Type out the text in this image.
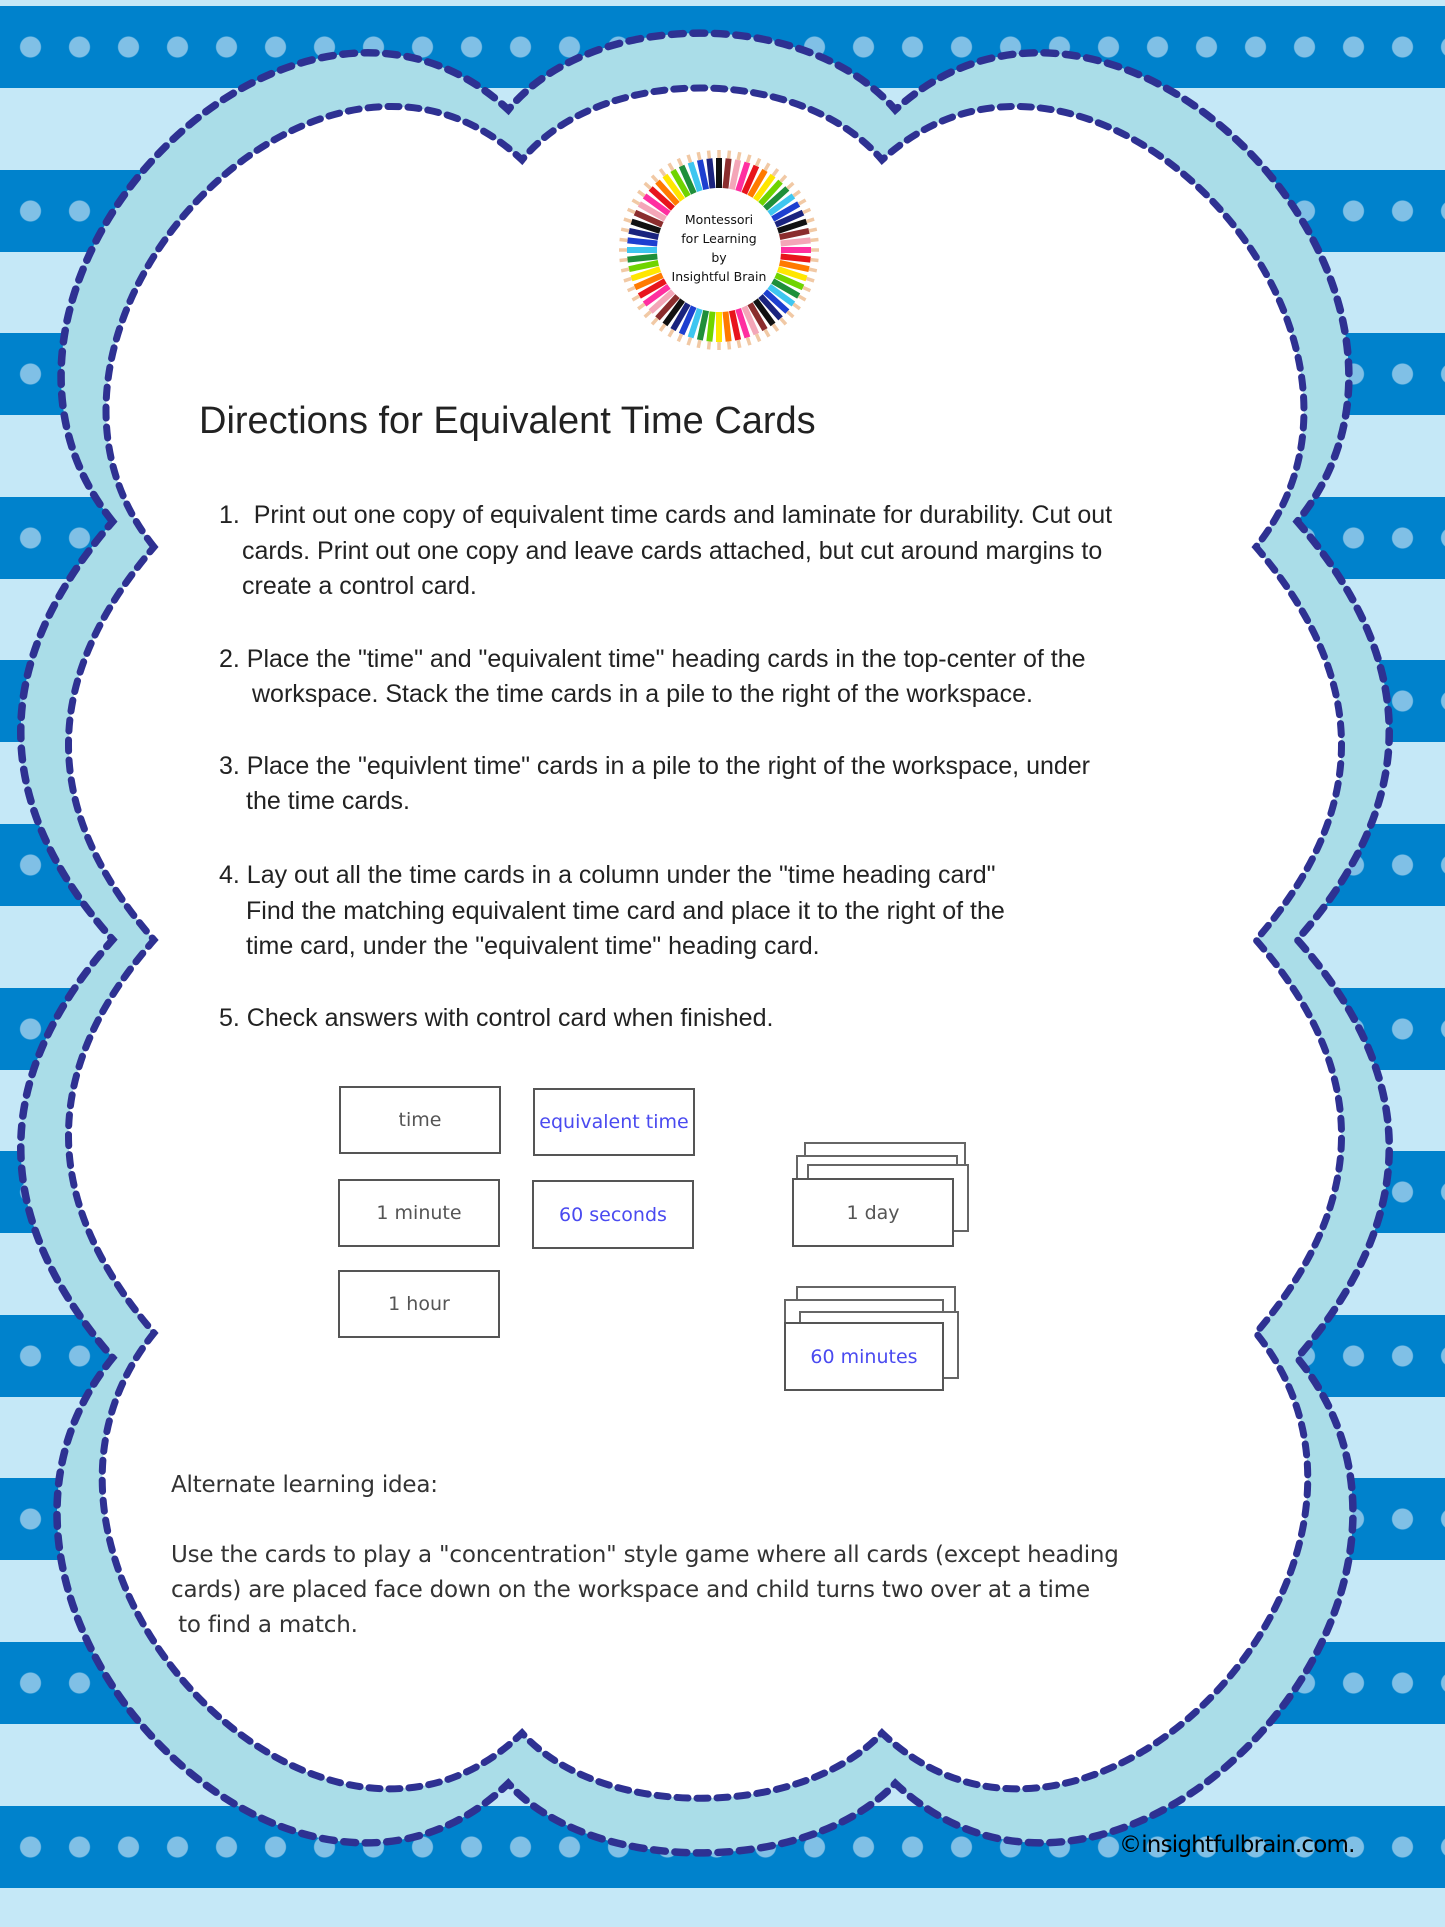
Montessori
for Learning
by
Insightful Brain
Directions for Equivalent Time Cards
1.  Print out one copy of equivalent time cards and laminate for durability. Cut out
cards. Print out one copy and leave cards attached, but cut around margins to
create a control card.
2. Place the "time" and "equivalent time" heading cards in the top-center of the
workspace. Stack the time cards in a pile to the right of the workspace.
3. Place the "equivlent time" cards in a pile to the right of the workspace, under
the time cards.
4. Lay out all the time cards in a column under the "time heading card"
Find the matching equivalent time card and place it to the right of the
time card, under the "equivalent time" heading card.
5. Check answers with control card when finished.
time	equivalent time
1 minute	60 seconds
1 hour
1 day
60 minutes
Alternate learning idea:
Use the cards to play a "concentration" style game where all cards (except heading
cards) are placed face down on the workspace and child turns two over at a time
to find a match.
©insightfulbrain.com.
